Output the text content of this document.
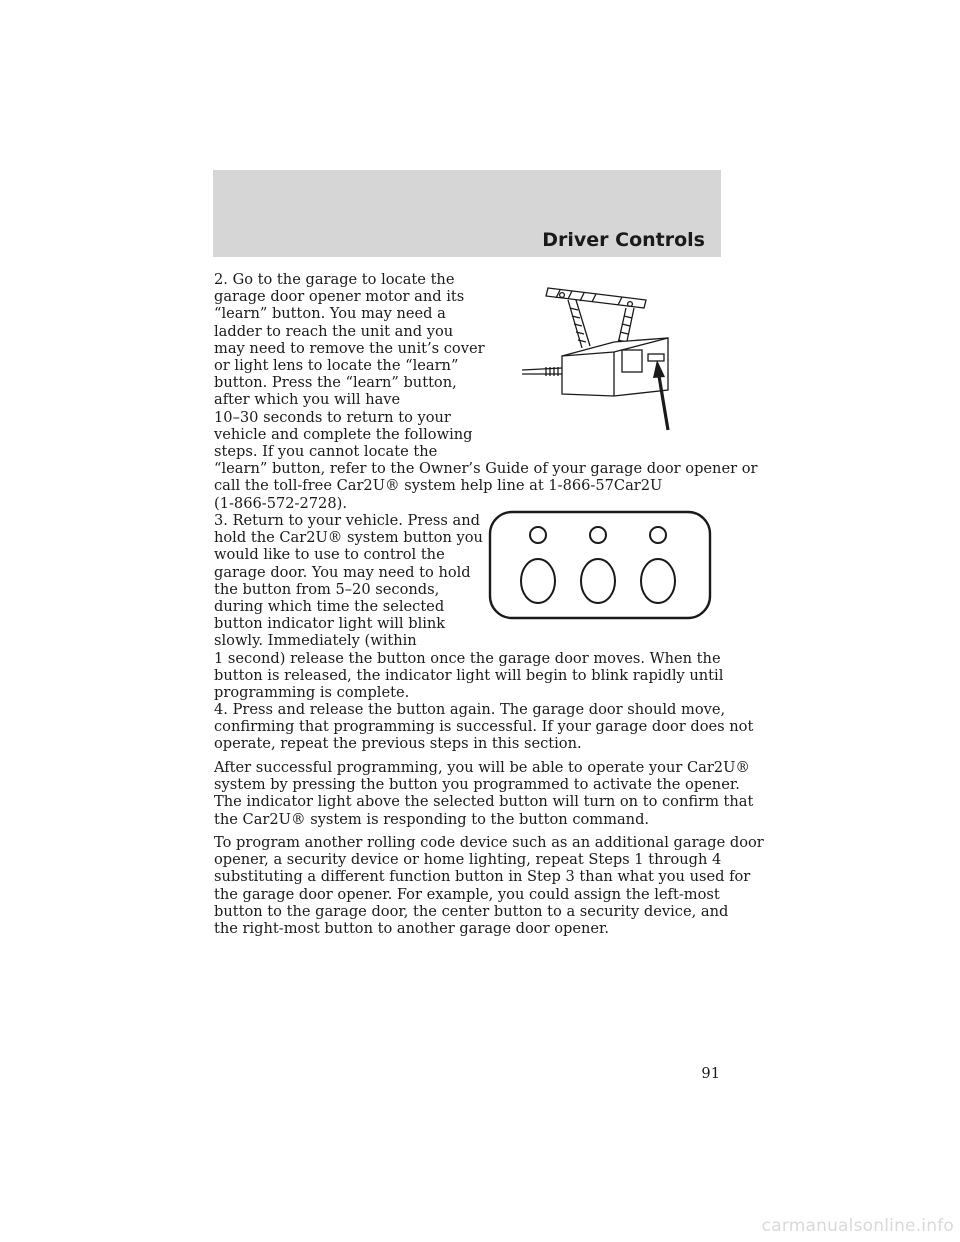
Driver Controls
2. Go to the garage to locate the
garage door opener motor and its
“learn” button. You may need a
ladder to reach the unit and you
may need to remove the unit’s cover
or light lens to locate the “learn”
button. Press the “learn” button,
after which you will have
10–30 seconds to return to your
vehicle and complete the following
steps. If you cannot locate the
“learn” button, refer to the Owner’s Guide of your garage door opener or
call the toll-free Car2U® system help line at 1-866-57Car2U
(1-866-572-2728).
3. Return to your vehicle. Press and
hold the Car2U® system button you
would like to use to control the
garage door. You may need to hold
the button from 5–20 seconds,
during which time the selected
button indicator light will blink
slowly. Immediately (within
1 second) release the button once the garage door moves. When the
button is released, the indicator light will begin to blink rapidly until
programming is complete.
4. Press and release the button again. The garage door should move,
confirming that programming is successful. If your garage door does not
operate, repeat the previous steps in this section.
After successful programming, you will be able to operate your Car2U®
system by pressing the button you programmed to activate the opener.
The indicator light above the selected button will turn on to confirm that
the Car2U® system is responding to the button command.
To program another rolling code device such as an additional garage door
opener, a security device or home lighting, repeat Steps 1 through 4
substituting a different function button in Step 3 than what you used for
the garage door opener. For example, you could assign the left-most
button to the garage door, the center button to a security device, and
the right-most button to another garage door opener.
91
carmanualsonline.info
